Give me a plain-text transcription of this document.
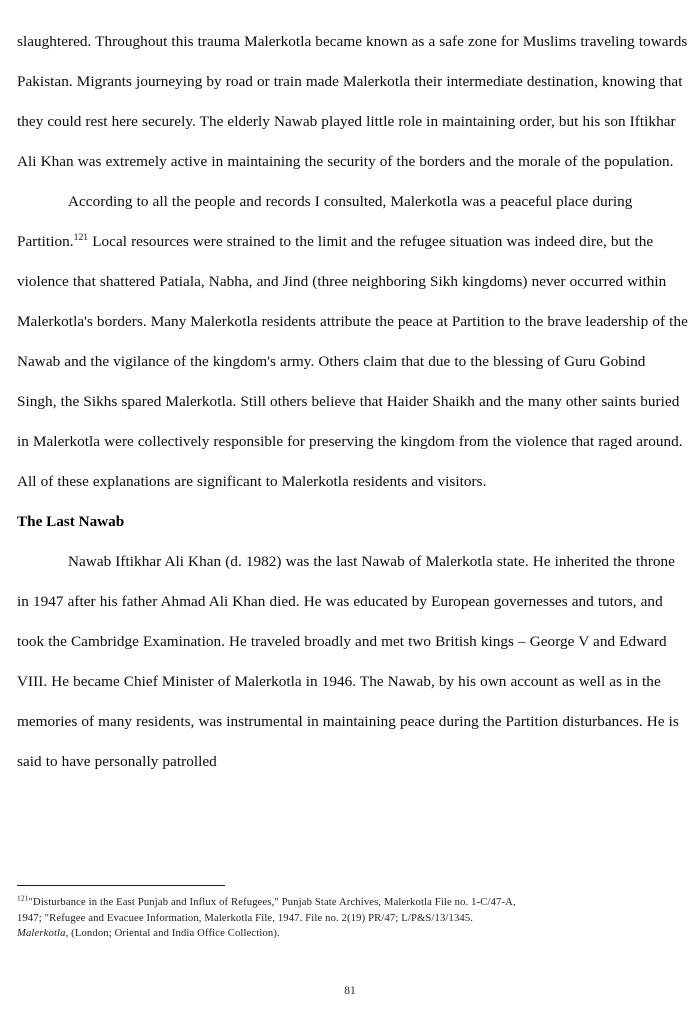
slaughtered. Throughout this trauma Malerkotla became known as a safe zone for Muslims traveling towards Pakistan. Migrants journeying by road or train made Malerkotla their intermediate destination, knowing that they could rest here securely. The elderly Nawab played little role in maintaining order, but his son Iftikhar Ali Khan was extremely active in maintaining the security of the borders and the morale of the population.

According to all the people and records I consulted, Malerkotla was a peaceful place during Partition.$^{121}$ Local resources were strained to the limit and the refugee situation was indeed dire, but the violence that shattered Patiala, Nabha, and Jind (three neighboring Sikh kingdoms) never occurred within Malerkotla's borders. Many Malerkotla residents attribute the peace at Partition to the brave leadership of the Nawab and the vigilance of the kingdom's army. Others claim that due to the blessing of Guru Gobind Singh, the Sikhs spared Malerkotla. Still others believe that Haider Shaikh and the many other saints buried in Malerkotla were collectively responsible for preserving the kingdom from the violence that raged around. All of these explanations are significant to Malerkotla residents and visitors.

The Last Nawab

Nawab Iftikhar Ali Khan (d. 1982) was the last Nawab of Malerkotla state. He inherited the throne in 1947 after his father Ahmad Ali Khan died. He was educated by European governesses and tutors, and took the Cambridge Examination. He traveled broadly and met two British kings – George V and Edward VIII. He became Chief Minister of Malerkotla in 1946. The Nawab, by his own account as well as in the memories of many residents, was instrumental in maintaining peace during the Partition disturbances. He is said to have personally patrolled

$^{121}$"Disturbance in the East Punjab and Influx of Refugees," Punjab State Archives, Malerkotla File no. 1-C/47-A,

1947; "Refugee and Evacuee Information, Malerkotla File, 1947. File no. 2(19) PR/47; L/P&S/13/1345.

Malerkotla, (London; Oriental and India Office Collection).

81
